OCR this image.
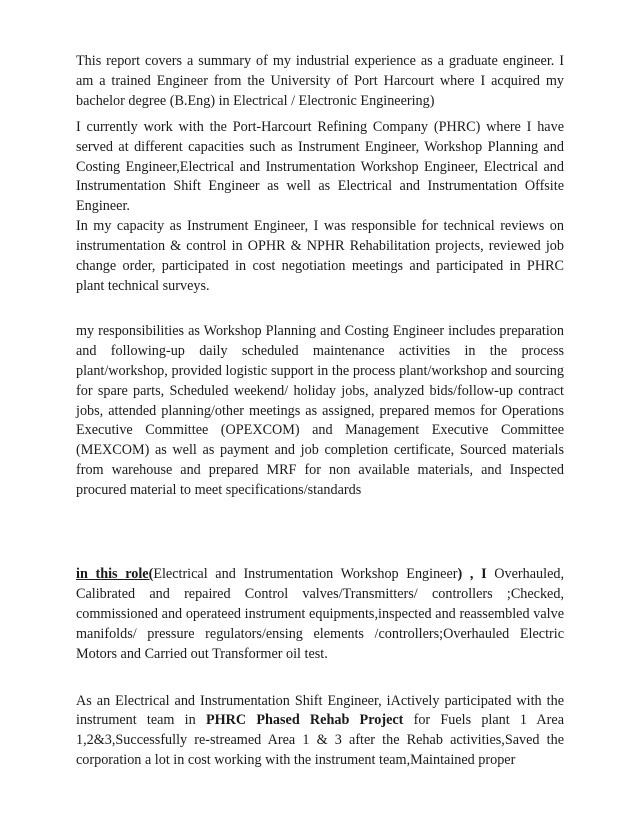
This report covers a summary of my industrial experience as a graduate engineer. I am a trained Engineer from the University of Port Harcourt where I acquired my bachelor degree (B.Eng) in Electrical / Electronic Engineering)

I currently work with the Port-Harcourt Refining Company (PHRC) where I have served at different capacities such as Instrument Engineer, Workshop Planning and Costing Engineer,Electrical and Instrumentation Workshop Engineer, Electrical and Instrumentation Shift Engineer as well as Electrical and Instrumentation Offsite Engineer.

In my capacity as Instrument Engineer, I was responsible for technical reviews on instrumentation & control in OPHR & NPHR Rehabilitation projects, reviewed job change order, participated in cost negotiation meetings and participated in PHRC plant technical surveys.

my responsibilities as Workshop Planning and Costing Engineer includes preparation and following-up daily scheduled maintenance activities in the process plant/workshop, provided logistic support in the process plant/workshop and sourcing for spare parts, Scheduled weekend/ holiday jobs, analyzed bids/follow-up contract jobs, attended planning/other meetings as assigned, prepared memos for Operations Executive Committee (OPEXCOM) and Management Executive Committee (MEXCOM) as well as payment and job completion certificate, Sourced materials from warehouse and prepared MRF for non available materials, and Inspected procured material to meet specifications/standards

in this role(Electrical and Instrumentation Workshop Engineer) , I Overhauled, Calibrated and repaired Control valves/Transmitters/ controllers ;Checked, commissioned and operateed instrument equipments,inspected and reassembled valve manifolds/ pressure regulators/ensing elements /controllers;Overhauled Electric Motors and Carried out Transformer oil test.

As an Electrical and Instrumentation Shift Engineer, iActively participated with the instrument team in PHRC Phased Rehab Project for Fuels plant 1 Area 1,2&3,Successfully re-streamed Area 1 & 3 after the Rehab activities,Saved the corporation a lot in cost working with the instrument team,Maintained proper
